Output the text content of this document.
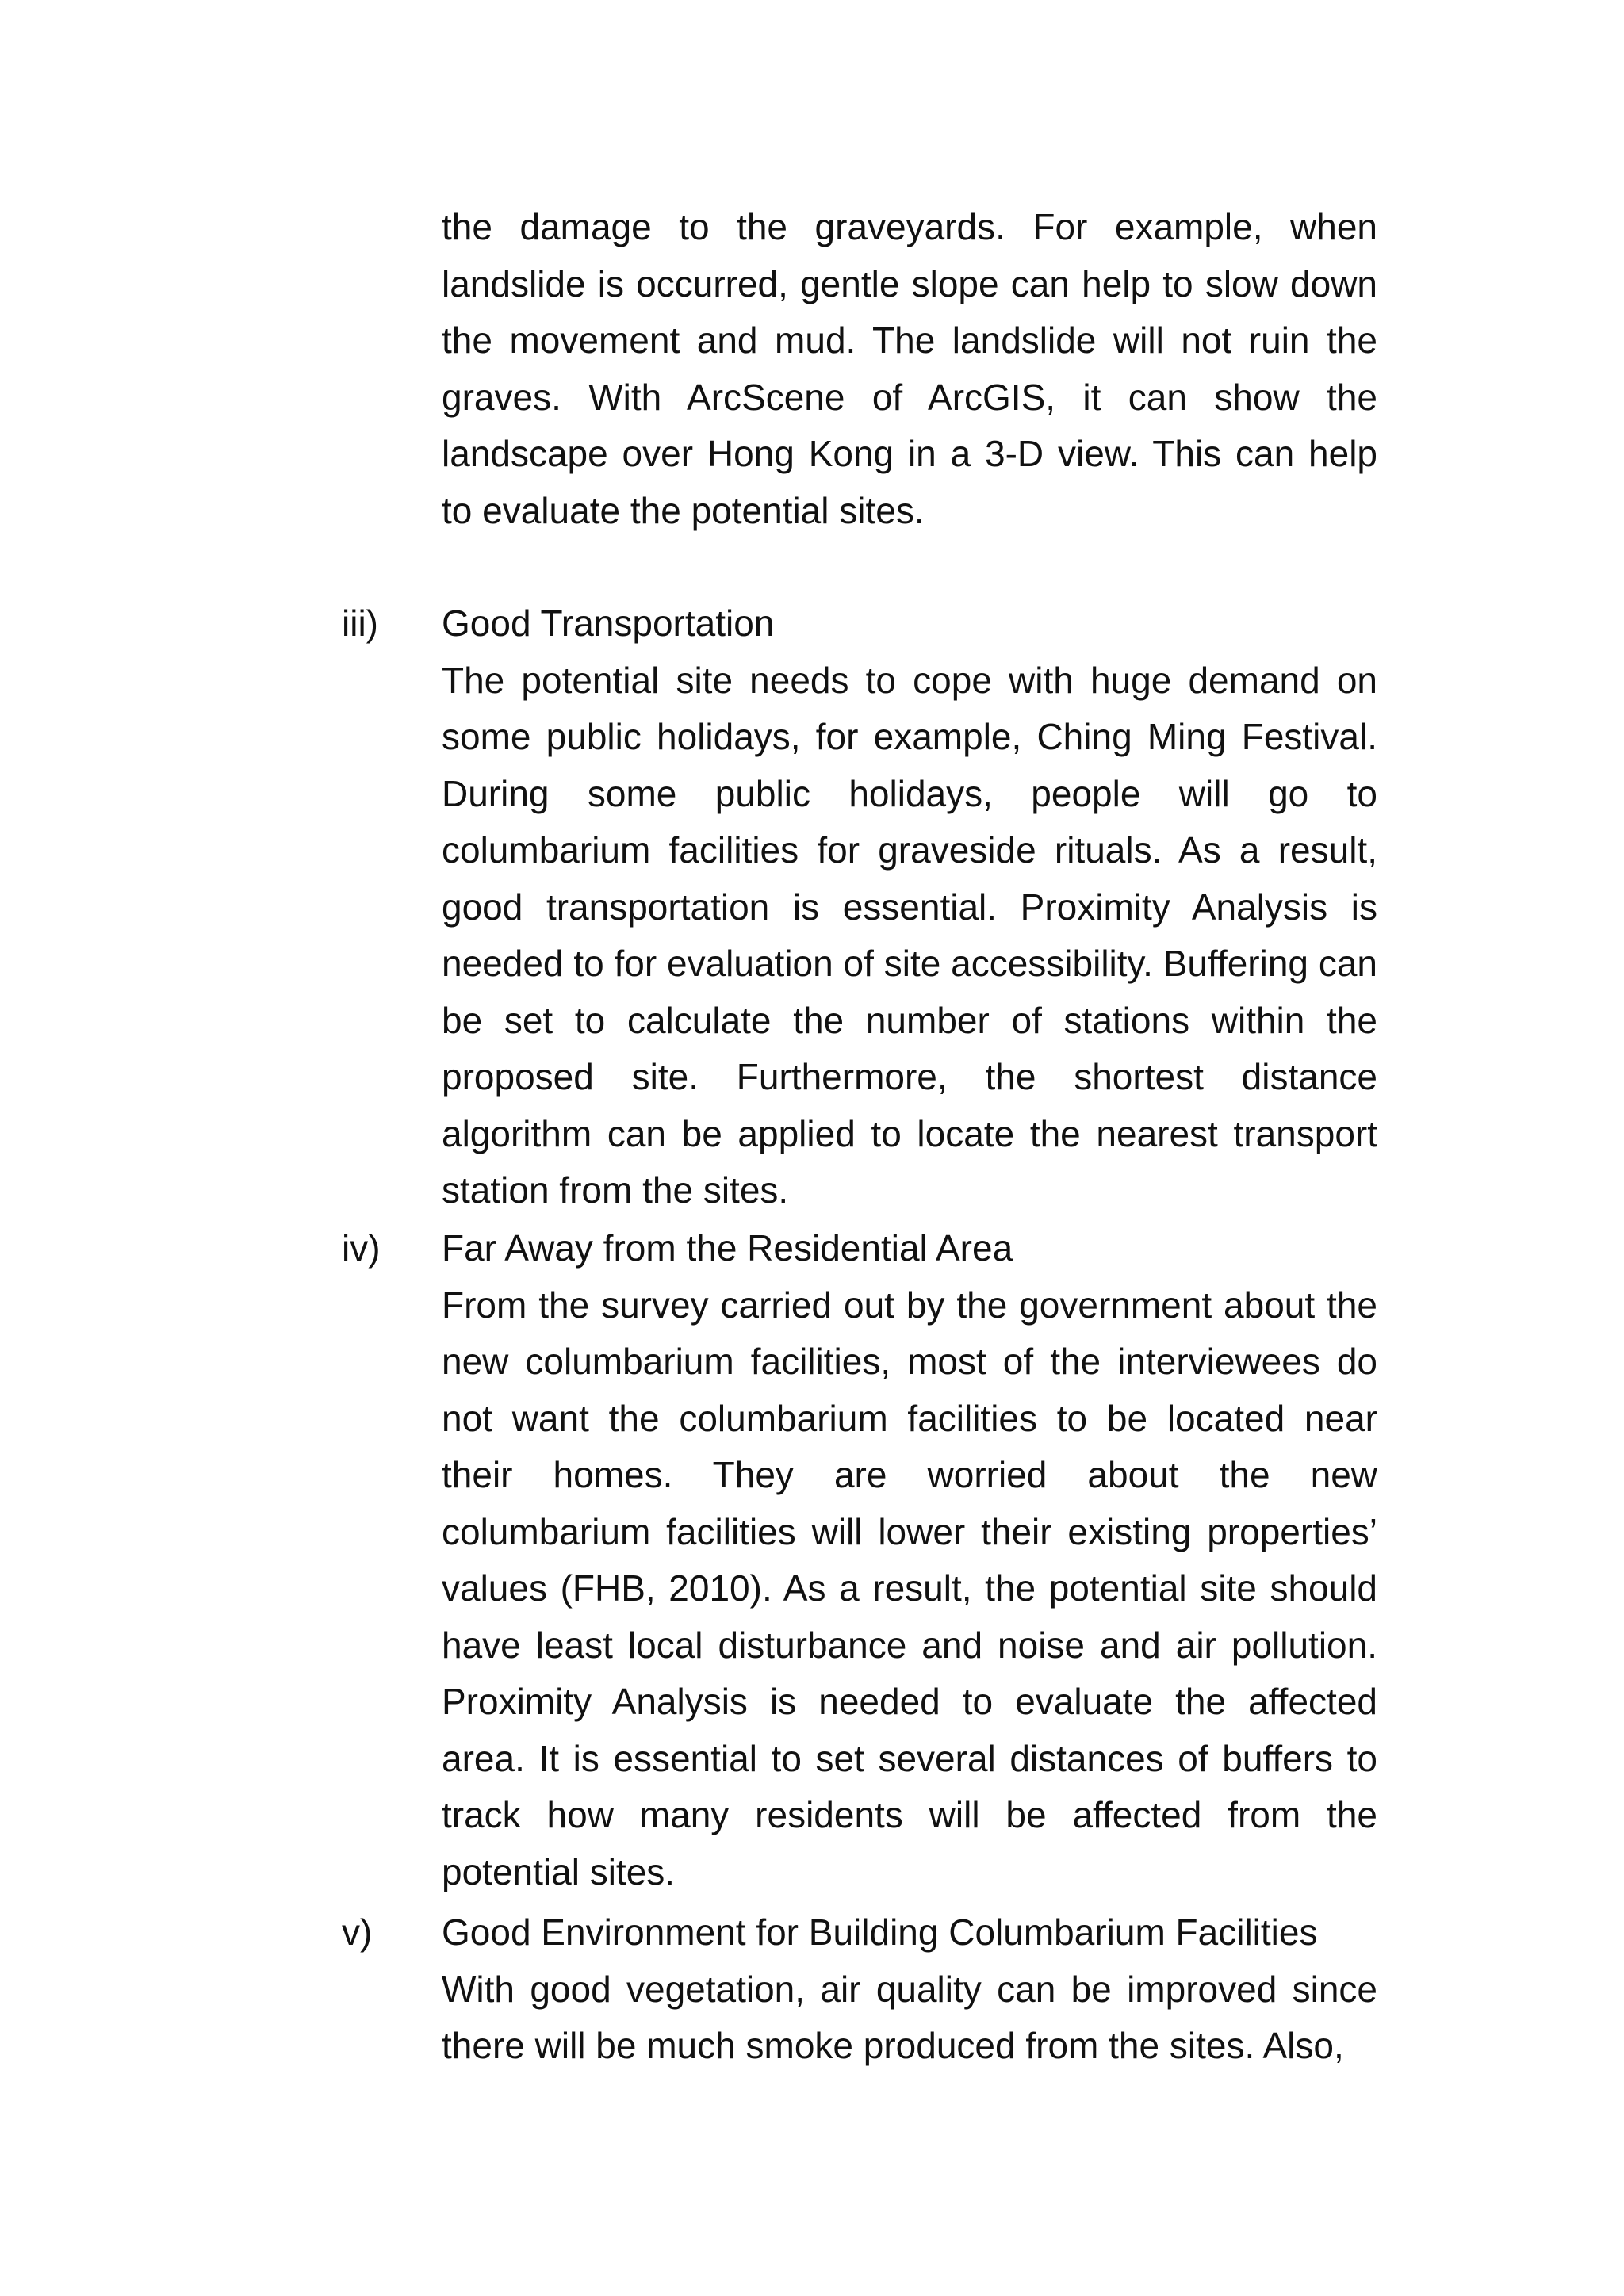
the damage to the graveyards. For example, when landslide is occurred, gentle slope can help to slow down the movement and mud. The landslide will not ruin the graves. With ArcScene of ArcGIS, it can show the landscape over Hong Kong in a 3-D view. This can help to evaluate the potential sites.

iii) Good Transportation

The potential site needs to cope with huge demand on some public holidays, for example, Ching Ming Festival. During some public holidays, people will go to columbarium facilities for graveside rituals. As a result, good transportation is essential. Proximity Analysis is needed to for evaluation of site accessibility. Buffering can be set to calculate the number of stations within the proposed site. Furthermore, the shortest distance algorithm can be applied to locate the nearest transport station from the sites.

iv) Far Away from the Residential Area

From the survey carried out by the government about the new columbarium facilities, most of the interviewees do not want the columbarium facilities to be located near their homes. They are worried about the new columbarium facilities will lower their existing properties’ values (FHB, 2010). As a result, the potential site should have least local disturbance and noise and air pollution. Proximity Analysis is needed to evaluate the affected area. It is essential to set several distances of buffers to track how many residents will be affected from the potential sites.

v) Good Environment for Building Columbarium Facilities

With good vegetation, air quality can be improved since there will be much smoke produced from the sites. Also,
